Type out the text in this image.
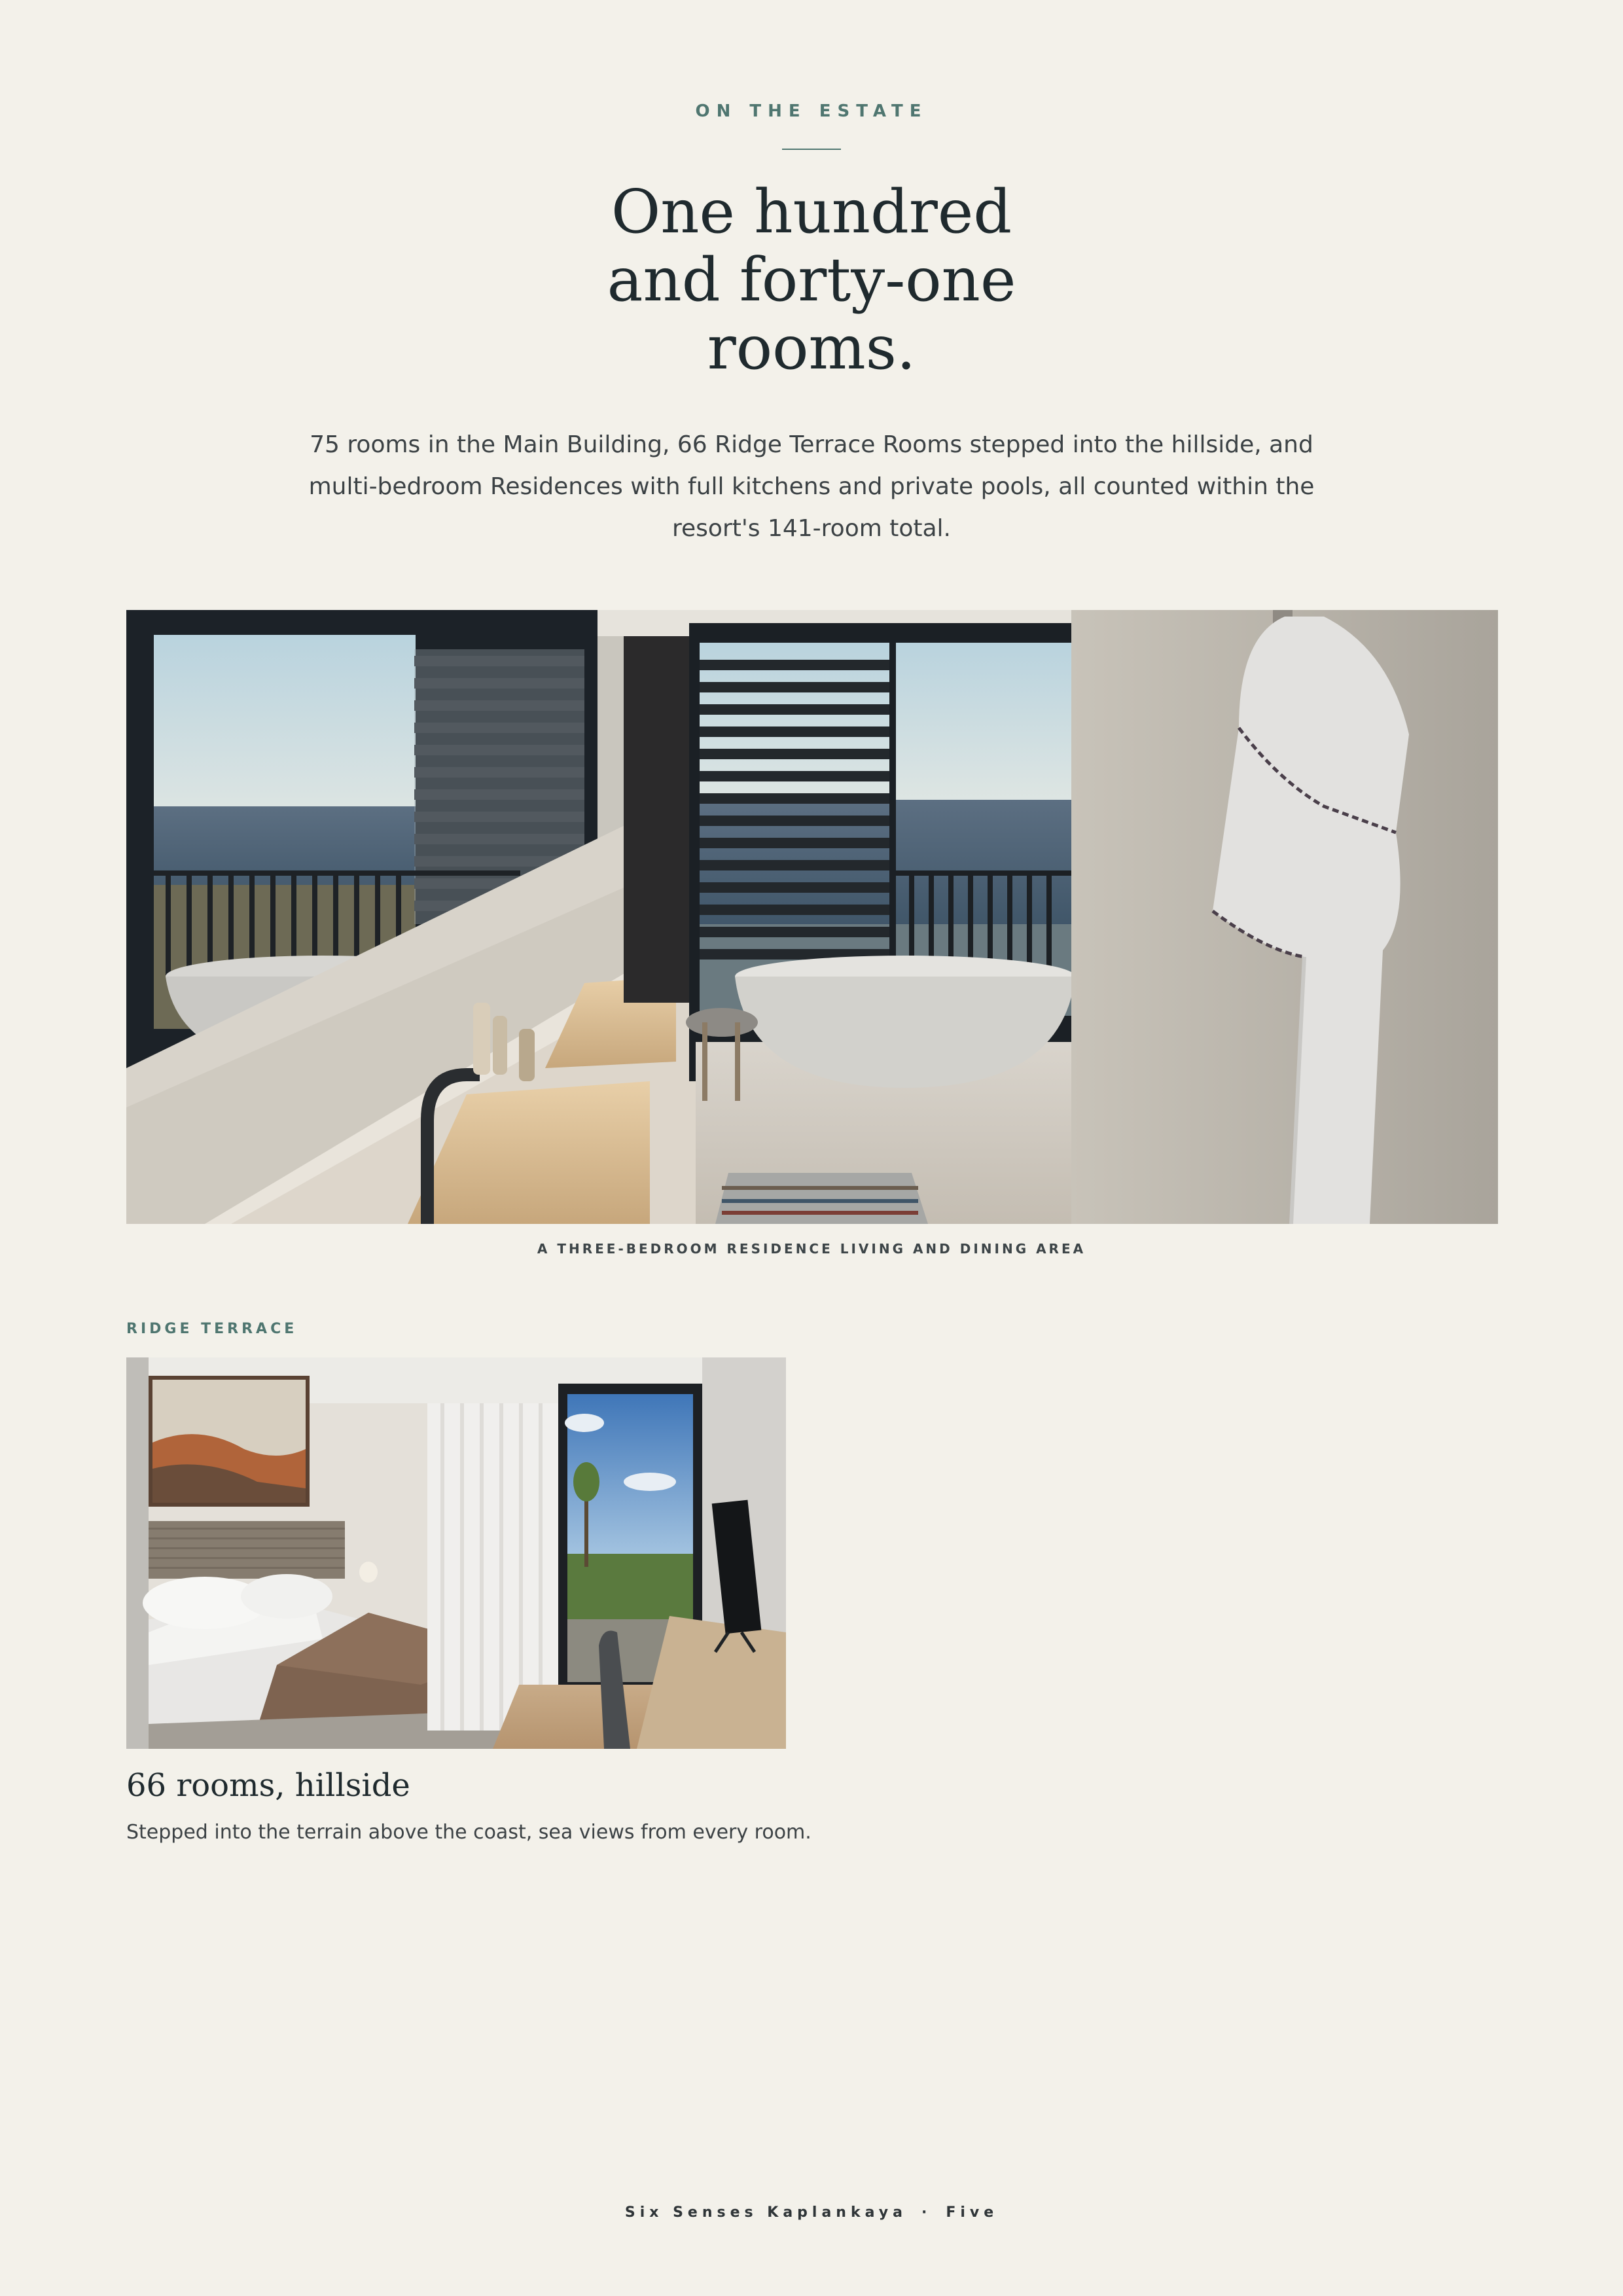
ON THE ESTATE
One hundred and forty-one rooms.

75 rooms in the Main Building, 66 Ridge Terrace Rooms stepped into the hillside, and multi-bedroom Residences with full kitchens and private pools, all counted within the resort's 141-room total.

A THREE-BEDROOM RESIDENCE LIVING AND DINING AREA
RIDGE TERRACE
66 rooms, hillside

Stepped into the terrain above the coast, sea views from every room.

Six Senses Kaplankaya · Five
